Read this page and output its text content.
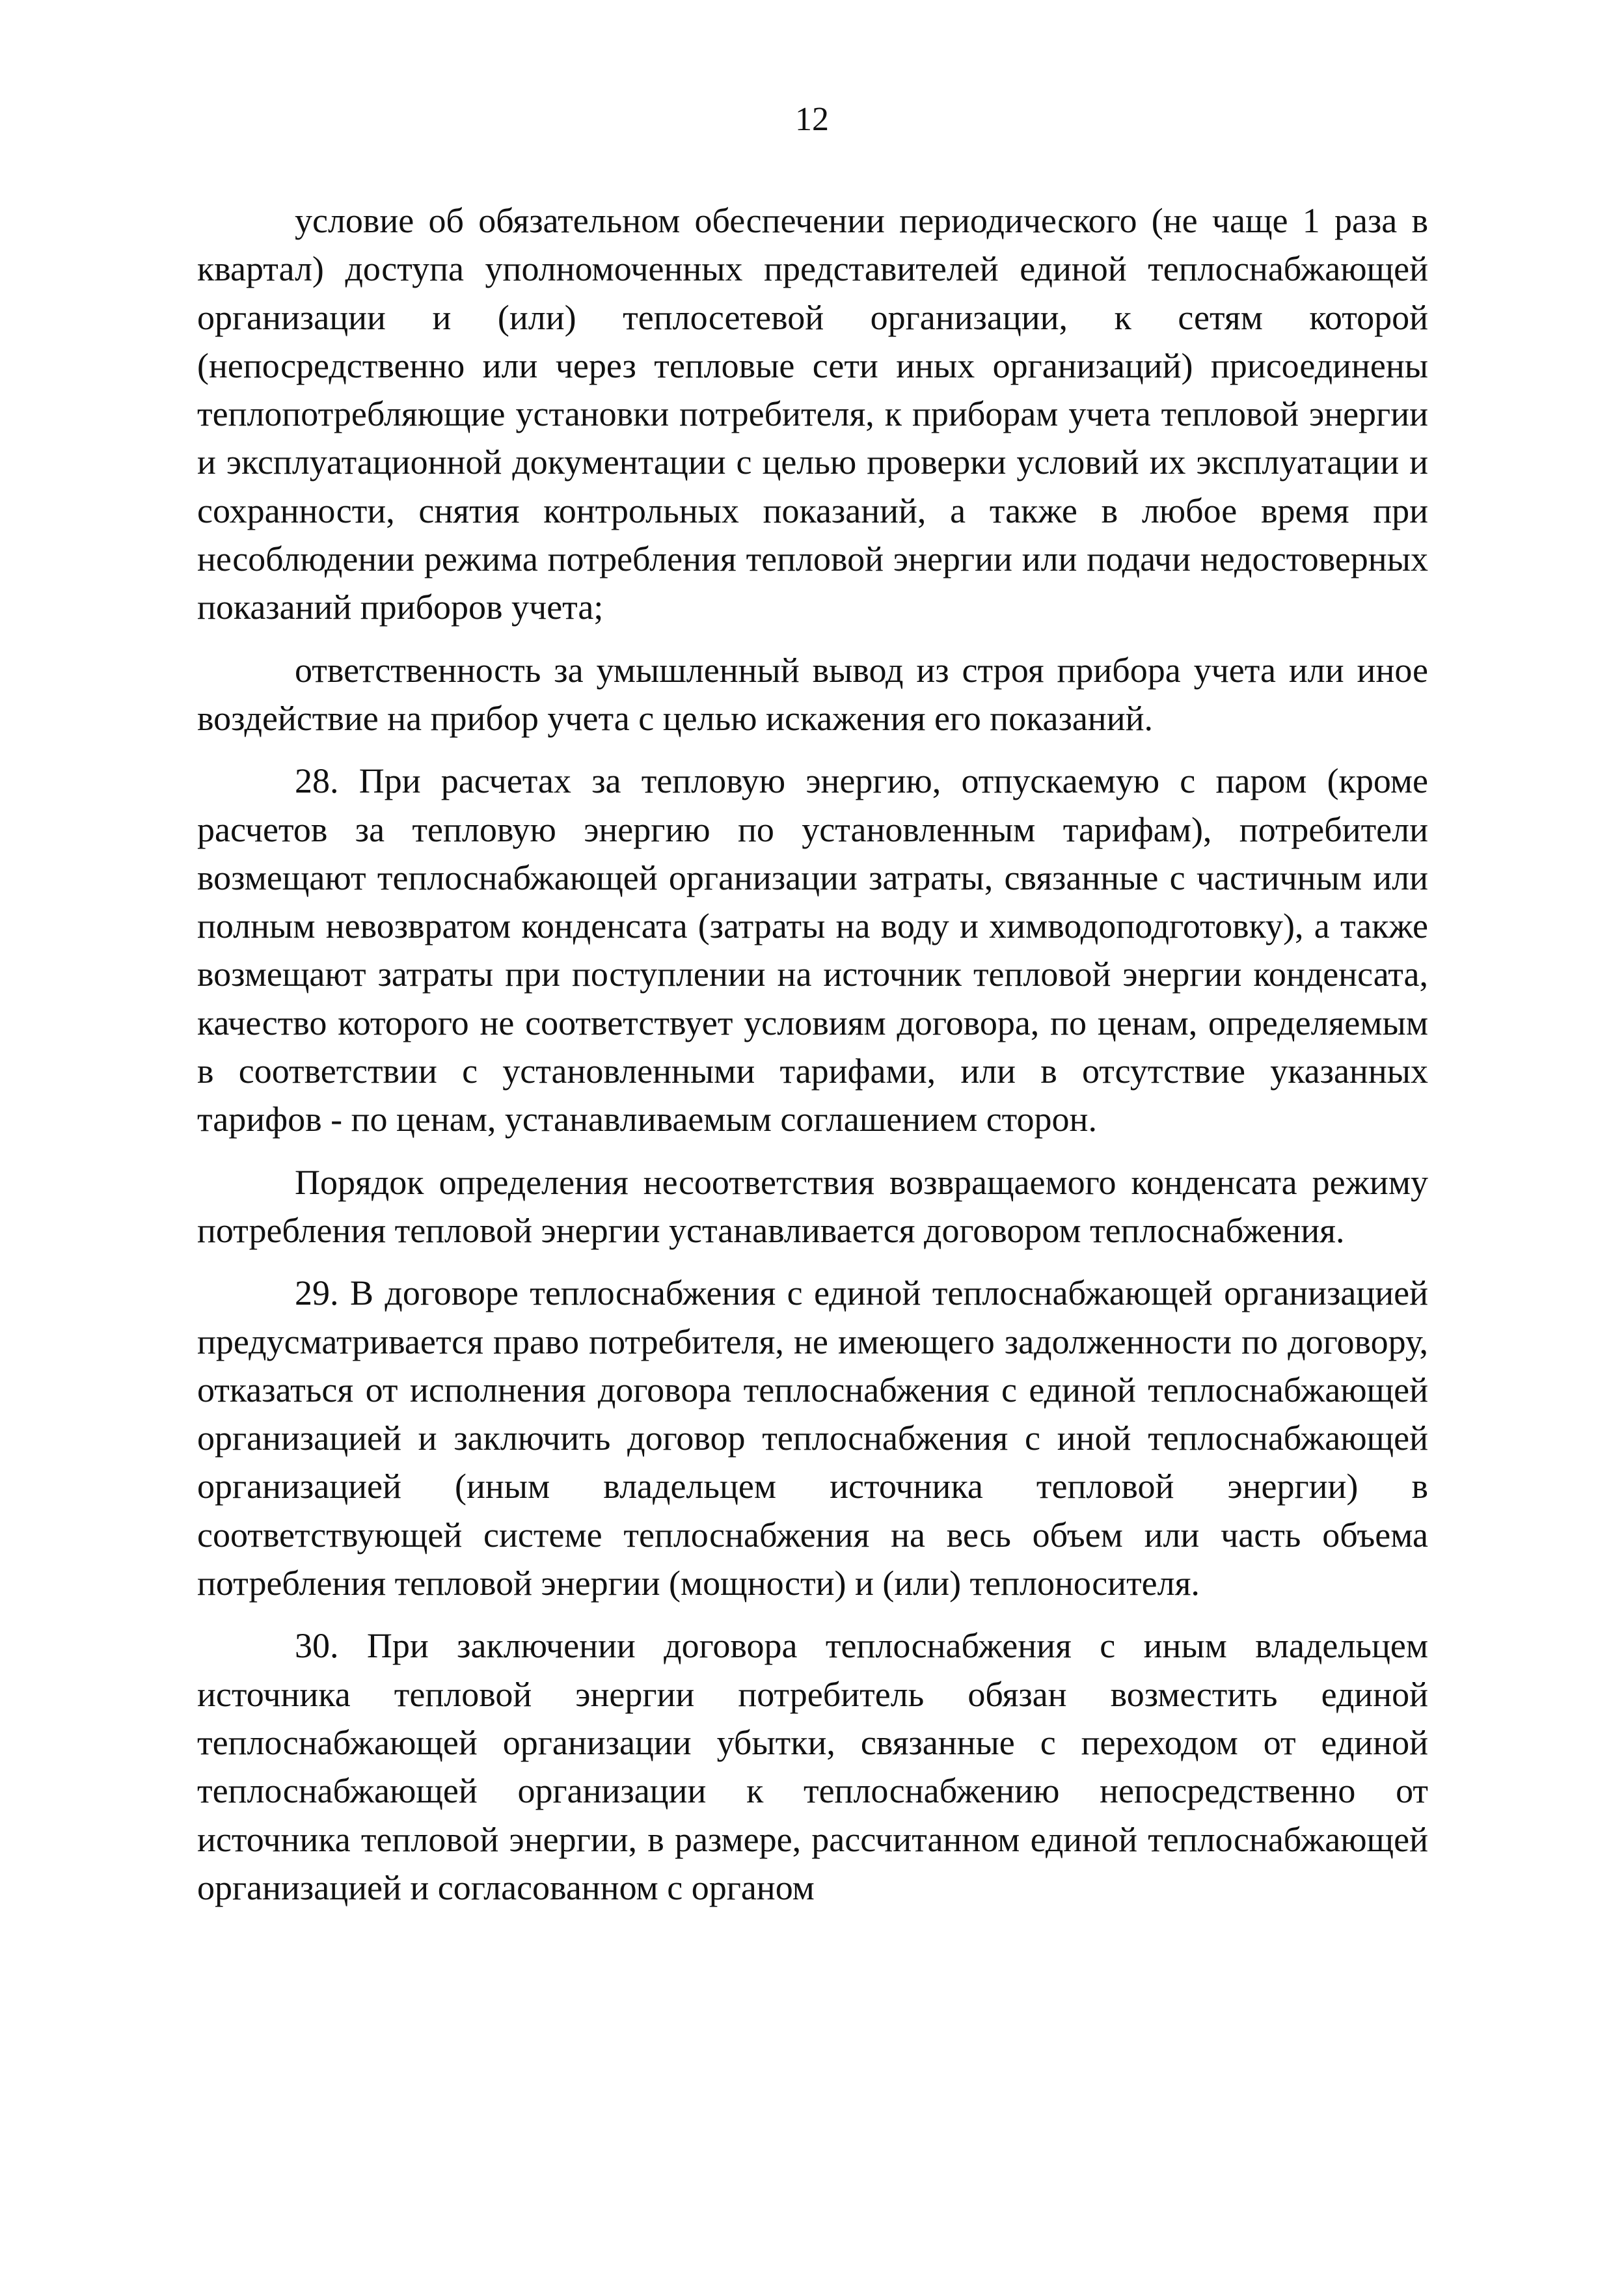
12

условие об обязательном обеспечении периодического (не чаще 1 раза в квартал) доступа уполномоченных представителей единой теплоснабжающей организации и (или) теплосетевой организации, к сетям которой (непосредственно или через тепловые сети иных организаций) присоединены теплопотребляющие установки потребителя, к приборам учета тепловой энергии и эксплуатационной документации с целью проверки условий их эксплуатации и сохранности, снятия контрольных показаний, а также в любое время при несоблюдении режима потребления тепловой энергии или подачи недостоверных показаний приборов учета;

ответственность за умышленный вывод из строя прибора учета или иное воздействие на прибор учета с целью искажения его показаний.

28. При расчетах за тепловую энергию, отпускаемую с паром (кроме расчетов за тепловую энергию по установленным тарифам), потребители возмещают теплоснабжающей организации затраты, связанные с частичным или полным невозвратом конденсата (затраты на воду и химводоподготовку), а также возмещают затраты при поступлении на источник тепловой энергии конденсата, качество которого не соответствует условиям договора, по ценам, определяемым в соответствии с установленными тарифами, или в отсутствие указанных тарифов - по ценам, устанавливаемым соглашением сторон.

Порядок определения несоответствия возвращаемого конденсата режиму потребления тепловой энергии устанавливается договором теплоснабжения.

29. В договоре теплоснабжения с единой теплоснабжающей организацией предусматривается право потребителя, не имеющего задолженности по договору, отказаться от исполнения договора теплоснабжения с единой теплоснабжающей организацией и заключить договор теплоснабжения с иной теплоснабжающей организацией (иным владельцем источника тепловой энергии) в соответствующей системе теплоснабжения на весь объем или часть объема потребления тепловой энергии (мощности) и (или) теплоносителя.

30. При заключении договора теплоснабжения с иным владельцем источника тепловой энергии потребитель обязан возместить единой теплоснабжающей организации убытки, связанные с переходом от единой теплоснабжающей организации к теплоснабжению непосредственно от источника тепловой энергии, в размере, рассчитанном единой теплоснабжающей организацией и согласованном с органом
